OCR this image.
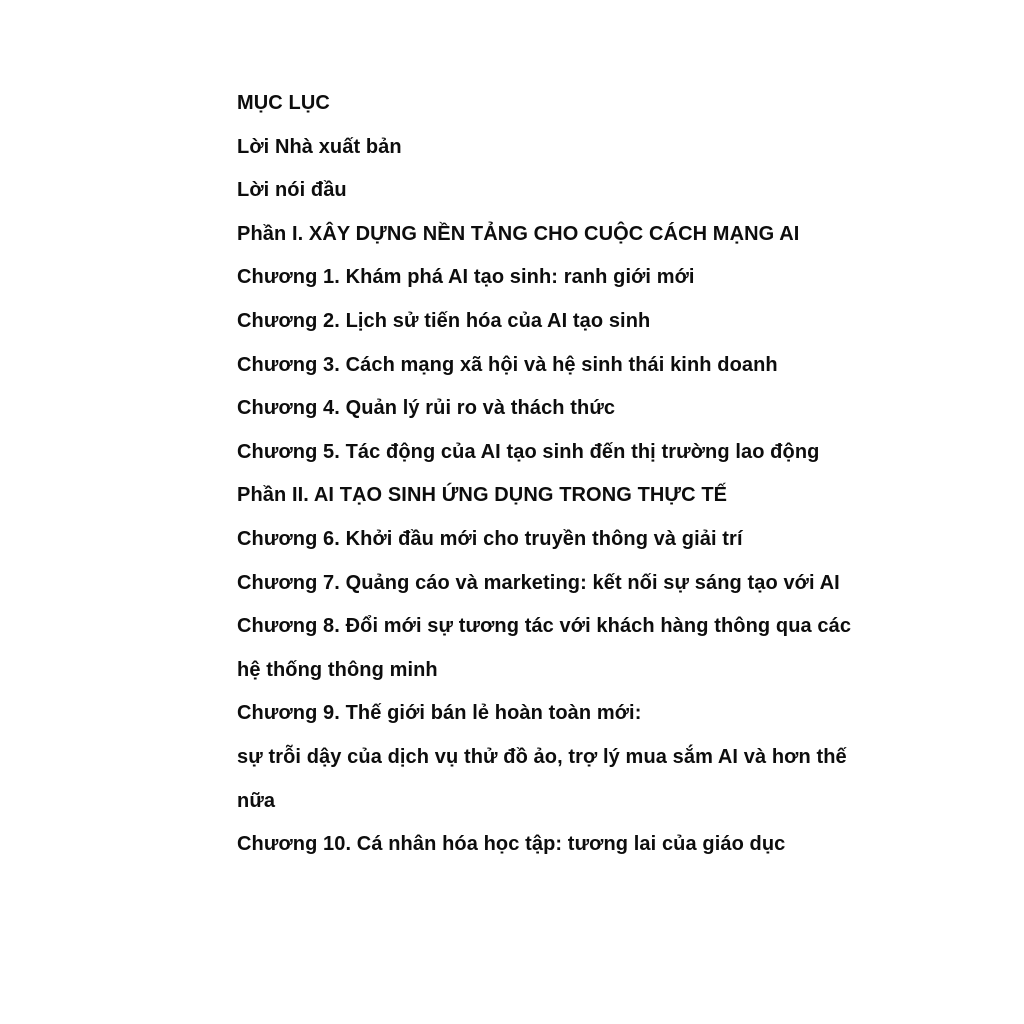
MỤC LỤC
Lời Nhà xuất bản
Lời nói đầu
Phần I. XÂY DỰNG NỀN TẢNG CHO CUỘC CÁCH MẠNG AI
Chương 1. Khám phá AI tạo sinh: ranh giới mới
Chương 2. Lịch sử tiến hóa của AI tạo sinh
Chương 3. Cách mạng xã hội và hệ sinh thái kinh doanh
Chương 4. Quản lý rủi ro và thách thức
Chương 5. Tác động của AI tạo sinh đến thị trường lao động
Phần II. AI TẠO SINH ỨNG DỤNG TRONG THỰC TẾ
Chương 6. Khởi đầu mới cho truyền thông và giải trí
Chương 7. Quảng cáo và marketing: kết nối sự sáng tạo với AI
Chương 8. Đổi mới sự tương tác với khách hàng thông qua các
hệ thống thông minh
Chương 9. Thế giới bán lẻ hoàn toàn mới:
sự trỗi dậy của dịch vụ thử đồ ảo, trợ lý mua sắm AI và hơn thế
nữa
Chương 10. Cá nhân hóa học tập: tương lai của giáo dục
